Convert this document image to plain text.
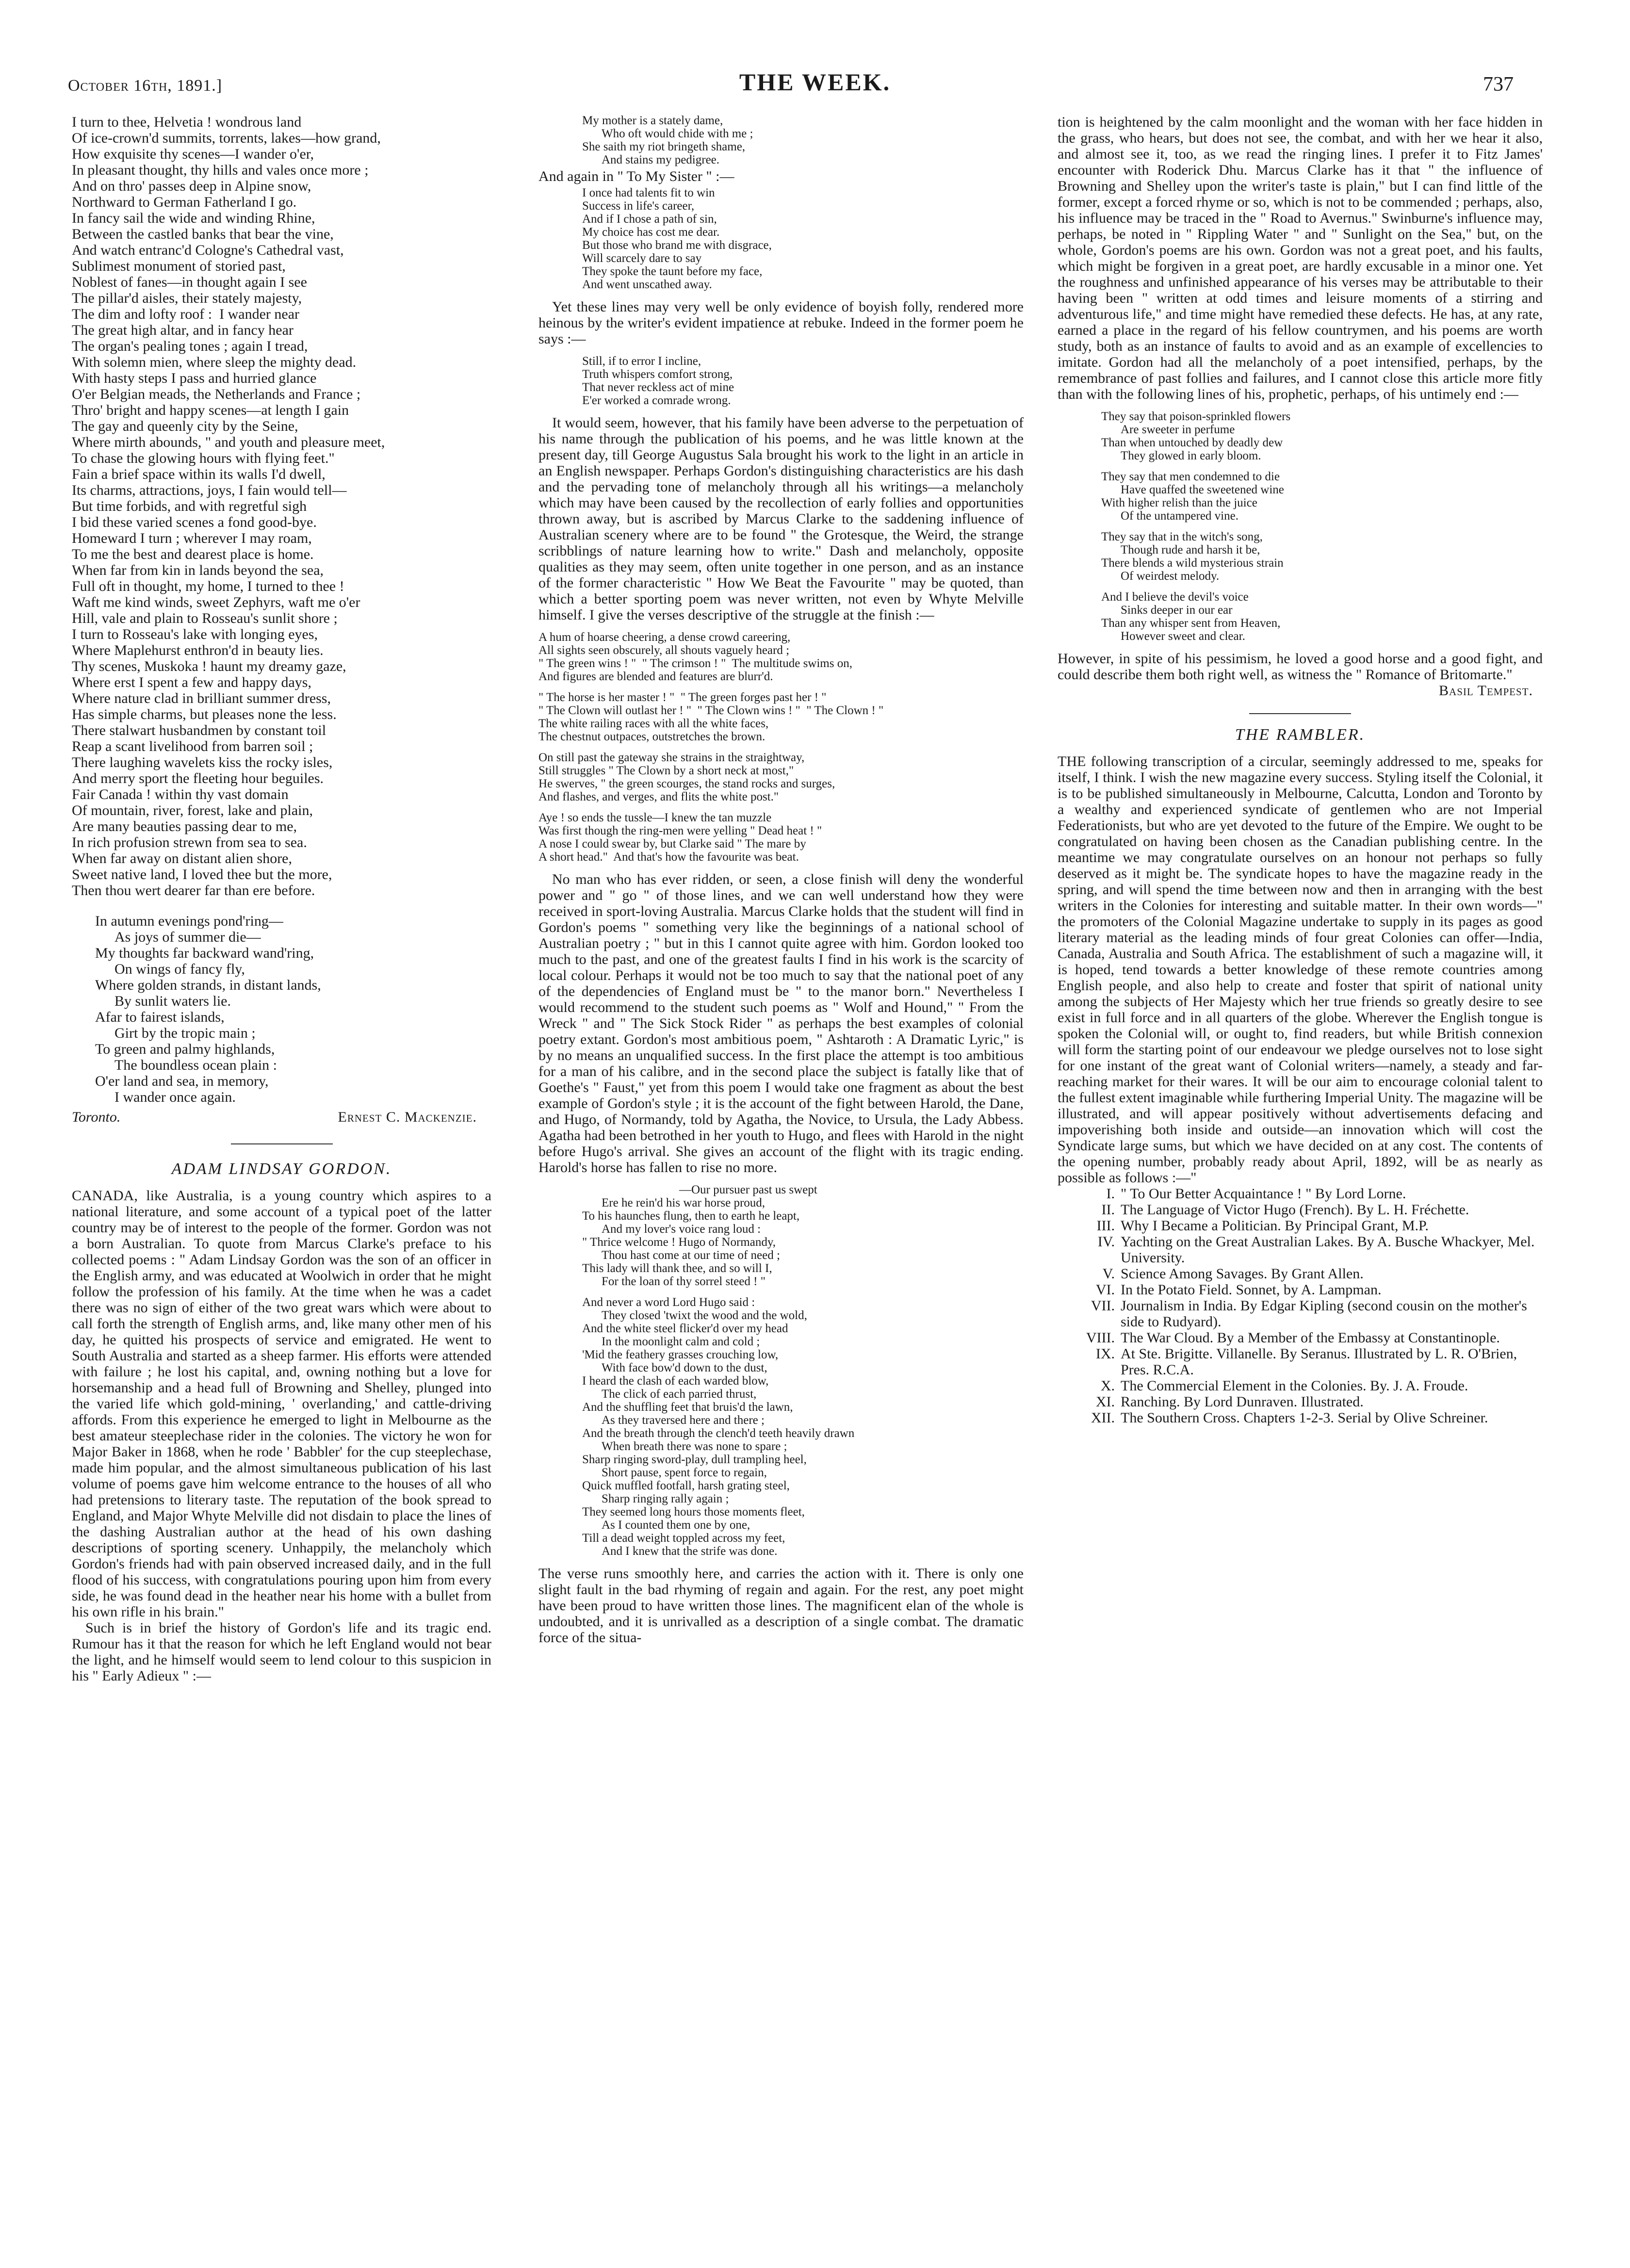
October 16th, 1891.]	THE WEEK.	737
I turn to thee, Helvetia ! wondrous land
Of ice-crown'd summits, torrents, lakes—how grand,
How exquisite thy scenes—I wander o'er,
In pleasant thought, thy hills and vales once more ;
And on thro' passes deep in Alpine snow,
Northward to German Fatherland I go.
In fancy sail the wide and winding Rhine,
Between the castled banks that bear the vine,
And watch entranc'd Cologne's Cathedral vast,
Sublimest monument of storied past,
Noblest of fanes—in thought again I see
The pillar'd aisles, their stately majesty,
The dim and lofty roof :  I wander near
The great high altar, and in fancy hear
The organ's pealing tones ; again I tread,
With solemn mien, where sleep the mighty dead.
With hasty steps I pass and hurried glance
O'er Belgian meads, the Netherlands and France ;
Thro' bright and happy scenes—at length I gain
The gay and queenly city by the Seine,
Where mirth abounds, " and youth and pleasure meet,
To chase the glowing hours with flying feet."
Fain a brief space within its walls I'd dwell,
Its charms, attractions, joys, I fain would tell—
But time forbids, and with regretful sigh
I bid these varied scenes a fond good-bye.
Homeward I turn ; wherever I may roam,
To me the best and dearest place is home.
When far from kin in lands beyond the sea,
Full oft in thought, my home, I turned to thee !
Waft me kind winds, sweet Zephyrs, waft me o'er
Hill, vale and plain to Rosseau's sunlit shore ;
I turn to Rosseau's lake with longing eyes,
Where Maplehurst enthron'd in beauty lies.
Thy scenes, Muskoka ! haunt my dreamy gaze,
Where erst I spent a few and happy days,
Where nature clad in brilliant summer dress,
Has simple charms, but pleases none the less.
There stalwart husbandmen by constant toil
Reap a scant livelihood from barren soil ;
There laughing wavelets kiss the rocky isles,
And merry sport the fleeting hour beguiles.
Fair Canada ! within thy vast domain
Of mountain, river, forest, lake and plain,
Are many beauties passing dear to me,
In rich profusion strewn from sea to sea.
When far away on distant alien shore,
Sweet native land, I loved thee but the more,
Then thou wert dearer far than ere before.
In autumn evenings pond'ring—
As joys of summer die—
My thoughts far backward wand'ring,
On wings of fancy fly,
Where golden strands, in distant lands,
By sunlit waters lie.
Afar to fairest islands,
Girt by the tropic main ;
To green and palmy highlands,
The boundless ocean plain :
O'er land and sea, in memory,
I wander once again.
Toronto.	Ernest C. Mackenzie.
ADAM LINDSAY GORDON.

CANADA, like Australia, is a young country which aspires to a national literature, and some account of a typical poet of the latter country may be of interest to the people of the former. Gordon was not a born Australian. To quote from Marcus Clarke's preface to his collected poems : " Adam Lindsay Gordon was the son of an officer in the English army, and was educated at Woolwich in order that he might follow the profession of his family. At the time when he was a cadet there was no sign of either of the two great wars which were about to call forth the strength of English arms, and, like many other men of his day, he quitted his prospects of service and emigrated. He went to South Australia and started as a sheep farmer. His efforts were attended with failure ; he lost his capital, and, owning nothing but a love for horsemanship and a head full of Browning and Shelley, plunged into the varied life which gold-mining, ' overlanding,' and cattle-driving affords. From this experience he emerged to light in Melbourne as the best amateur steeplechase rider in the colonies. The victory he won for Major Baker in 1868, when he rode ' Babbler' for the cup steeplechase, made him popular, and the almost simultaneous publication of his last volume of poems gave him welcome entrance to the houses of all who had pretensions to literary taste. The reputation of the book spread to England, and Major Whyte Melville did not disdain to place the lines of the dashing Australian author at the head of his own dashing descriptions of sporting scenery. Unhappily, the melancholy which Gordon's friends had with pain observed increased daily, and in the full flood of his success, with congratulations pouring upon him from every side, he was found dead in the heather near his home with a bullet from his own rifle in his brain."

Such is in brief the history of Gordon's life and its tragic end. Rumour has it that the reason for which he left England would not bear the light, and he himself would seem to lend colour to this suspicion in his " Early Adieux " :—

My mother is a stately dame,
Who oft would chide with me ;
She saith my riot bringeth shame,
And stains my pedigree.
And again in " To My Sister " :—
I once had talents fit to win
Success in life's career,
And if I chose a path of sin,
My choice has cost me dear.
But those who brand me with disgrace,
Will scarcely dare to say
They spoke the taunt before my face,
And went unscathed away.

Yet these lines may very well be only evidence of boyish folly, rendered more heinous by the writer's evident impatience at rebuke. Indeed in the former poem he says :—

Still, if to error I incline,
Truth whispers comfort strong,
That never reckless act of mine
E'er worked a comrade wrong.

It would seem, however, that his family have been adverse to the perpetuation of his name through the publication of his poems, and he was little known at the present day, till George Augustus Sala brought his work to the light in an article in an English newspaper. Perhaps Gordon's distinguishing characteristics are his dash and the pervading tone of melancholy through all his writings—a melancholy which may have been caused by the recollection of early follies and opportunities thrown away, but is ascribed by Marcus Clarke to the saddening influence of Australian scenery where are to be found " the Grotesque, the Weird, the strange scribblings of nature learning how to write." Dash and melancholy, opposite qualities as they may seem, often unite together in one person, and as an instance of the former characteristic " How We Beat the Favourite " may be quoted, than which a better sporting poem was never written, not even by Whyte Melville himself. I give the verses descriptive of the struggle at the finish :—

A hum of hoarse cheering, a dense crowd careering,
All sights seen obscurely, all shouts vaguely heard ;
" The green wins ! "  " The crimson ! "  The multitude swims on,
And figures are blended and features are blurr'd.
" The horse is her master ! "  " The green forges past her ! "
" The Clown will outlast her ! "  " The Clown wins ! "  " The Clown ! "
The white railing races with all the white faces,
The chestnut outpaces, outstretches the brown.
On still past the gateway she strains in the straightway,
Still struggles " The Clown by a short neck at most,"
He swerves, " the green scourges, the stand rocks and surges,
And flashes, and verges, and flits the white post."
Aye ! so ends the tussle—I knew the tan muzzle
Was first though the ring-men were yelling " Dead heat ! "
A nose I could swear by, but Clarke said " The mare by
A short head."  And that's how the favourite was beat.

No man who has ever ridden, or seen, a close finish will deny the wonderful power and " go " of those lines, and we can well understand how they were received in sport-loving Australia. Marcus Clarke holds that the student will find in Gordon's poems " something very like the beginnings of a national school of Australian poetry ; " but in this I cannot quite agree with him. Gordon looked too much to the past, and one of the greatest faults I find in his work is the scarcity of local colour. Perhaps it would not be too much to say that the national poet of any of the dependencies of England must be " to the manor born." Nevertheless I would recommend to the student such poems as " Wolf and Hound," " From the Wreck " and " The Sick Stock Rider " as perhaps the best examples of colonial poetry extant. Gordon's most ambitious poem, " Ashtaroth : A Dramatic Lyric," is by no means an unqualified success. In the first place the attempt is too ambitious for a man of his calibre, and in the second place the subject is fatally like that of Goethe's " Faust," yet from this poem I would take one fragment as about the best example of Gordon's style ; it is the account of the fight between Harold, the Dane, and Hugo, of Normandy, told by Agatha, the Novice, to Ursula, the Lady Abbess. Agatha had been betrothed in her youth to Hugo, and flees with Harold in the night before Hugo's arrival. She gives an account of the flight with its tragic ending. Harold's horse has fallen to rise no more.

—Our pursuer past us swept
Ere he rein'd his war horse proud,
To his haunches flung, then to earth he leapt,
And my lover's voice rang loud :
" Thrice welcome ! Hugo of Normandy,
Thou hast come at our time of need ;
This lady will thank thee, and so will I,
For the loan of thy sorrel steed ! "
And never a word Lord Hugo said :
They closed 'twixt the wood and the wold,
And the white steel flicker'd over my head
In the moonlight calm and cold ;
'Mid the feathery grasses crouching low,
With face bow'd down to the dust,
I heard the clash of each warded blow,
The click of each parried thrust,
And the shuffling feet that bruis'd the lawn,
As they traversed here and there ;
And the breath through the clench'd teeth heavily drawn
When breath there was none to spare ;
Sharp ringing sword-play, dull trampling heel,
Short pause, spent force to regain,
Quick muffled footfall, harsh grating steel,
Sharp ringing rally again ;
They seemed long hours those moments fleet,
As I counted them one by one,
Till a dead weight toppled across my feet,
And I knew that the strife was done.

The verse runs smoothly here, and carries the action with it. There is only one slight fault in the bad rhyming of regain and again. For the rest, any poet might have been proud to have written those lines. The magnificent elan of the whole is undoubted, and it is unrivalled as a description of a single combat. The dramatic force of the situa-

tion is heightened by the calm moonlight and the woman with her face hidden in the grass, who hears, but does not see, the combat, and with her we hear it also, and almost see it, too, as we read the ringing lines. I prefer it to Fitz James' encounter with Roderick Dhu. Marcus Clarke has it that " the influence of Browning and Shelley upon the writer's taste is plain," but I can find little of the former, except a forced rhyme or so, which is not to be commended ; perhaps, also, his influence may be traced in the " Road to Avernus." Swinburne's influence may, perhaps, be noted in " Rippling Water " and " Sunlight on the Sea," but, on the whole, Gordon's poems are his own. Gordon was not a great poet, and his faults, which might be forgiven in a great poet, are hardly excusable in a minor one. Yet the roughness and unfinished appearance of his verses may be attributable to their having been " written at odd times and leisure moments of a stirring and adventurous life," and time might have remedied these defects. He has, at any rate, earned a place in the regard of his fellow countrymen, and his poems are worth study, both as an instance of faults to avoid and as an example of excellencies to imitate. Gordon had all the melancholy of a poet intensified, perhaps, by the remembrance of past follies and failures, and I cannot close this article more fitly than with the following lines of his, prophetic, perhaps, of his untimely end :—

They say that poison-sprinkled flowers
Are sweeter in perfume
Than when untouched by deadly dew
They glowed in early bloom.
They say that men condemned to die
Have quaffed the sweetened wine
With higher relish than the juice
Of the untampered vine.
They say that in the witch's song,
Though rude and harsh it be,
There blends a wild mysterious strain
Of weirdest melody.
And I believe the devil's voice
Sinks deeper in our ear
Than any whisper sent from Heaven,
However sweet and clear.

However, in spite of his pessimism, he loved a good horse and a good fight, and could describe them both right well, as witness the " Romance of Britomarte."

Basil Tempest.
THE RAMBLER.

THE following transcription of a circular, seemingly addressed to me, speaks for itself, I think. I wish the new magazine every success. Styling itself the Colonial, it is to be published simultaneously in Melbourne, Calcutta, London and Toronto by a wealthy and experienced syndicate of gentlemen who are not Imperial Federationists, but who are yet devoted to the future of the Empire. We ought to be congratulated on having been chosen as the Canadian publishing centre. In the meantime we may congratulate ourselves on an honour not perhaps so fully deserved as it might be. The syndicate hopes to have the magazine ready in the spring, and will spend the time between now and then in arranging with the best writers in the Colonies for interesting and suitable matter. In their own words—" the promoters of the Colonial Magazine undertake to supply in its pages as good literary material as the leading minds of four great Colonies can offer—India, Canada, Australia and South Africa. The establishment of such a magazine will, it is hoped, tend towards a better knowledge of these remote countries among English people, and also help to create and foster that spirit of national unity among the subjects of Her Majesty which her true friends so greatly desire to see exist in full force and in all quarters of the globe. Wherever the English tongue is spoken the Colonial will, or ought to, find readers, but while British connexion will form the starting point of our endeavour we pledge ourselves not to lose sight for one instant of the great want of Colonial writers—namely, a steady and far-reaching market for their wares. It will be our aim to encourage colonial talent to the fullest extent imaginable while furthering Imperial Unity. The magazine will be illustrated, and will appear positively without advertisements defacing and impoverishing both inside and outside—an innovation which will cost the Syndicate large sums, but which we have decided on at any cost. The contents of the opening number, probably ready about April, 1892, will be as nearly as possible as follows :—"

I. " To Our Better Acquaintance ! " By Lord Lorne.
II. The Language of Victor Hugo (French). By L. H. Fréchette.
III. Why I Became a Politician. By Principal Grant, M.P.
IV. Yachting on the Great Australian Lakes. By A. Busche Whackyer, Mel. University.
V. Science Among Savages. By Grant Allen.
VI. In the Potato Field. Sonnet, by A. Lampman.
VII. Journalism in India. By Edgar Kipling (second cousin on the mother's side to Rudyard).
VIII. The War Cloud. By a Member of the Embassy at Constantinople.
IX. At Ste. Brigitte. Villanelle. By Seranus. Illustrated by L. R. O'Brien, Pres. R.C.A.
X. The Commercial Element in the Colonies. By. J. A. Froude.
XI. Ranching. By Lord Dunraven. Illustrated.
XII. The Southern Cross. Chapters 1-2-3. Serial by Olive Schreiner.
